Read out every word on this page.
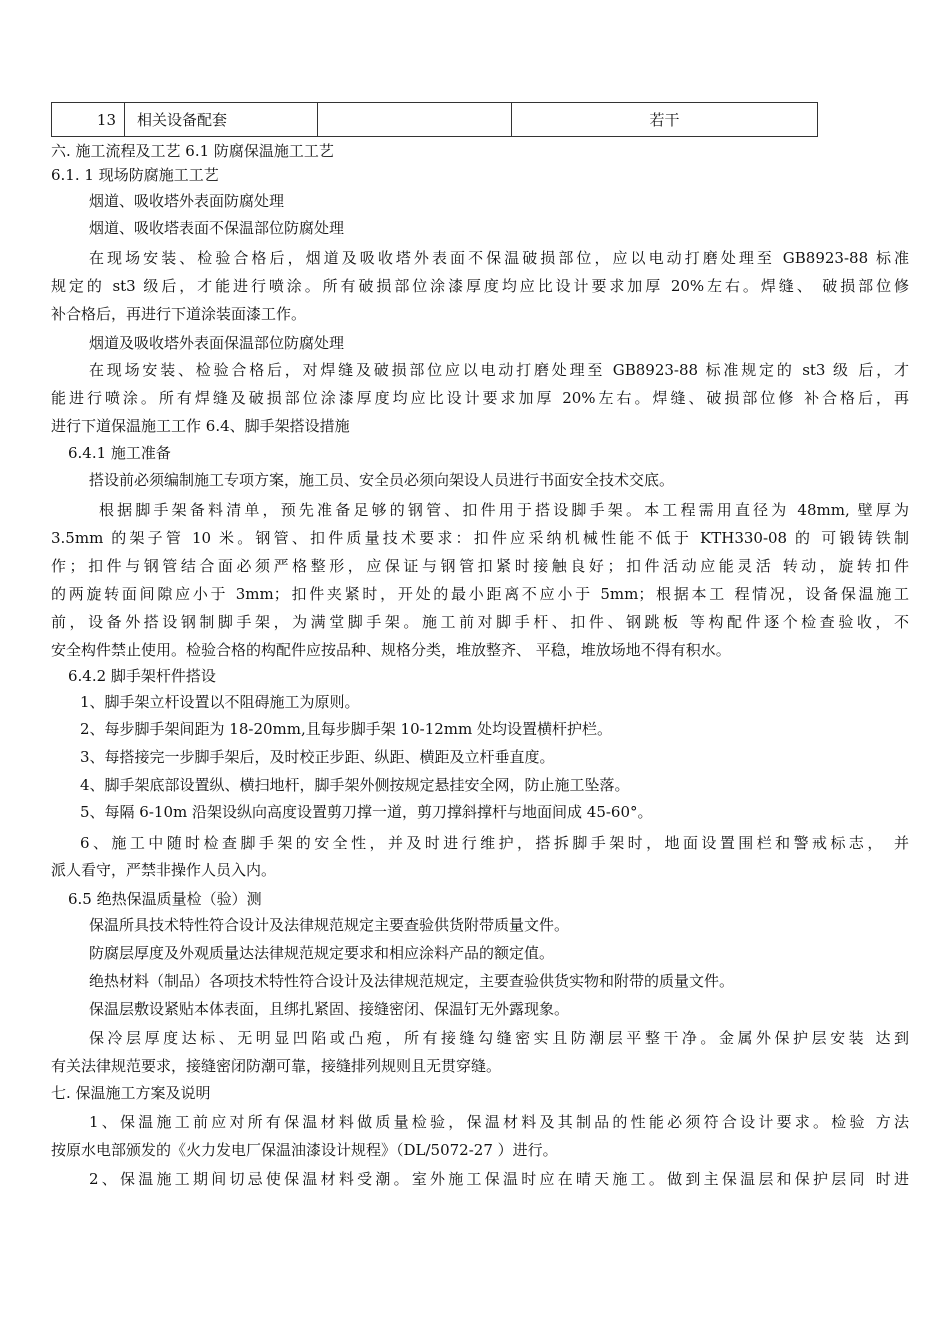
13	相关设备配套		若干
六. 施工流程及工艺 6.1 防腐保温施工工艺
6.1. 1 现场防腐施工工艺
烟道、吸收塔外表面防腐处理
烟道、吸收塔表面不保温部位防腐处理
在现场安装、检验合格后，烟道及吸收塔外表面不保温破损部位，应以电动打磨处理至 GB8923-88 标准
规定的 st3 级后，才能进行喷涂。所有破损部位涂漆厚度均应比设计要求加厚 20%左右。焊缝、 破损部位修
补合格后，再进行下道涂装面漆工作。
烟道及吸收塔外表面保温部位防腐处理
在现场安装、检验合格后，对焊缝及破损部位应以电动打磨处理至 GB8923-88 标准规定的 st3 级 后，才
能进行喷涂。所有焊缝及破损部位涂漆厚度均应比设计要求加厚 20%左右。焊缝、破损部位修 补合格后，再
进行下道保温施工工作 6.4、脚手架搭设措施
6.4.1 施工准备
搭设前必须编制施工专项方案，施工员、安全员必须向架设人员进行书面安全技术交底。
根据脚手架备料清单，预先准备足够的钢管、扣件用于搭设脚手架。本工程需用直径为 48mm, 壁厚为
3.5mm 的架子管 10 米。钢管、扣件质量技术要求：扣件应采纳机械性能不低于 KTH330-08 的 可锻铸铁制
作；扣件与钢管结合面必须严格整形，应保证与钢管扣紧时接触良好；扣件活动应能灵活 转动，旋转扣件
的两旋转面间隙应小于 3mm；扣件夹紧时，开处的最小距离不应小于 5mm；根据本工 程情况，设备保温施工
前，设备外搭设钢制脚手架，为满堂脚手架。施工前对脚手杆、扣件、钢跳板 等构配件逐个检查验收，不
安全构件禁止使用。检验合格的构配件应按品种、规格分类，堆放整齐、 平稳，堆放场地不得有积水。
6.4.2 脚手架杆件搭设
1、脚手架立杆设置以不阻碍施工为原则。
2、每步脚手架间距为 18-20mm,且每步脚手架 10-12mm 处均设置横杆护栏。
3、每搭接完一步脚手架后，及时校正步距、纵距、横距及立杆垂直度。
4、脚手架底部设置纵、横扫地杆，脚手架外侧按规定悬挂安全网，防止施工坠落。
5、每隔 6-10m 沿架设纵向高度设置剪刀撑一道，剪刀撑斜撑杆与地面间成 45-60°。
6、施工中随时检查脚手架的安全性，并及时进行维护，搭拆脚手架时，地面设置围栏和警戒标志， 并
派人看守，严禁非操作人员入内。
6.5 绝热保温质量检（验）测
保温所具技术特性符合设计及法律规范规定主要查验供货附带质量文件。
防腐层厚度及外观质量达法律规范规定要求和相应涂料产品的额定值。
绝热材料（制品）各项技术特性符合设计及法律规范规定，主要查验供货实物和附带的质量文件。
保温层敷设紧贴本体表面，且绑扎紧固、接缝密闭、保温钉无外露现象。
保冷层厚度达标、无明显凹陷或凸疱，所有接缝勾缝密实且防潮层平整干净。金属外保护层安装 达到
有关法律规范要求，接缝密闭防潮可靠，接缝排列规则且无贯穿缝。
七. 保温施工方案及说明
1、保温施工前应对所有保温材料做质量检验，保温材料及其制品的性能必须符合设计要求。检验 方法
按原水电部颁发的《火力发电厂保温油漆设计规程》（DL/5072-27 ）进行。
2、保温施工期间切忌使保温材料受潮。室外施工保温时应在晴天施工。做到主保温层和保护层同 时进
